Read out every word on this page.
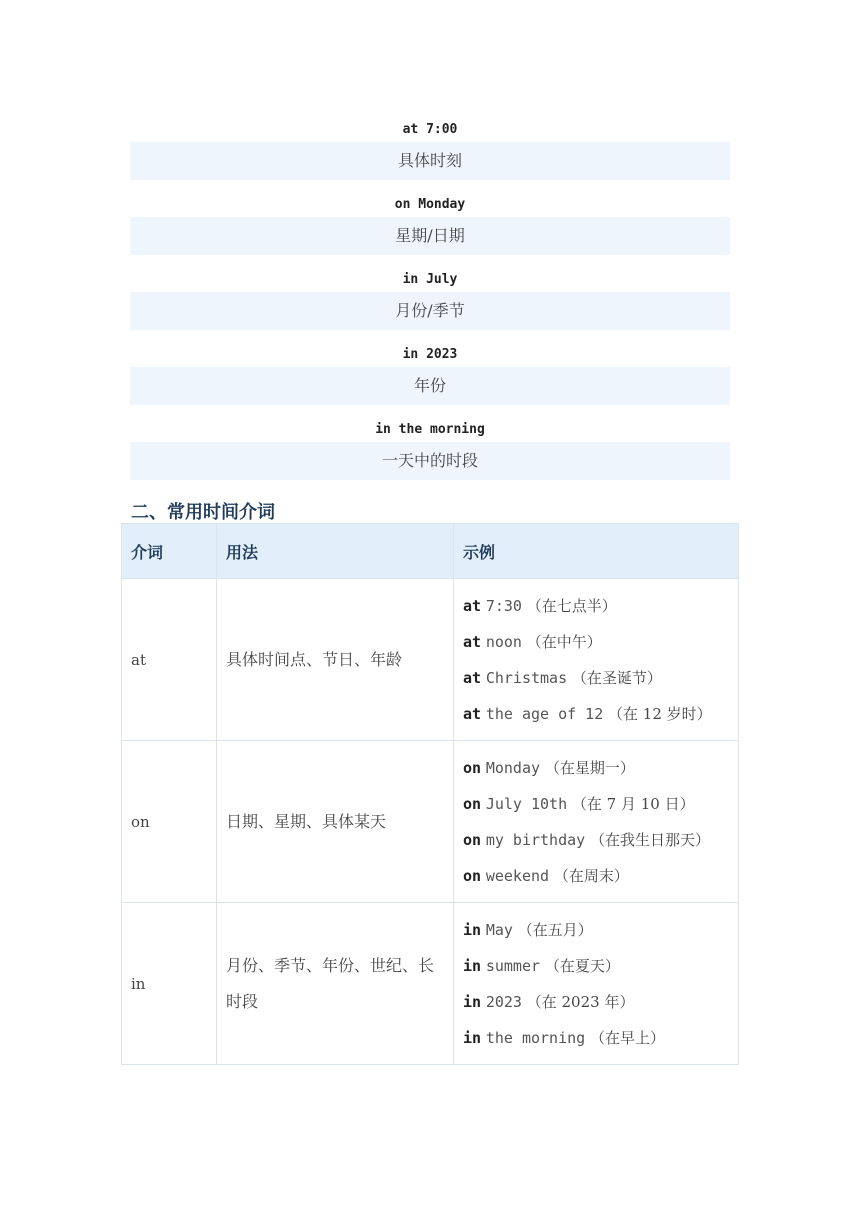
at 7:00
具体时刻
on Monday
星期/日期
in July
月份/季节
in 2023
年份
in the morning
一天中的时段
二、常用时间介词
介词	用法	示例
at	具体时间点、节日、年龄	at 7:30 （在七点半）
at noon （在中午）
at Christmas （在圣诞节）
at the age of 12 （在 12 岁时）

on	日期、星期、具体某天	on Monday （在星期一）
on July 10th （在 7 月 10 日）
on my birthday （在我生日那天）
on weekend （在周末）

in	月份、季节、年份、世纪、长时段	in May （在五月）
in summer （在夏天）
in 2023 （在 2023 年）
in the morning （在早上）
